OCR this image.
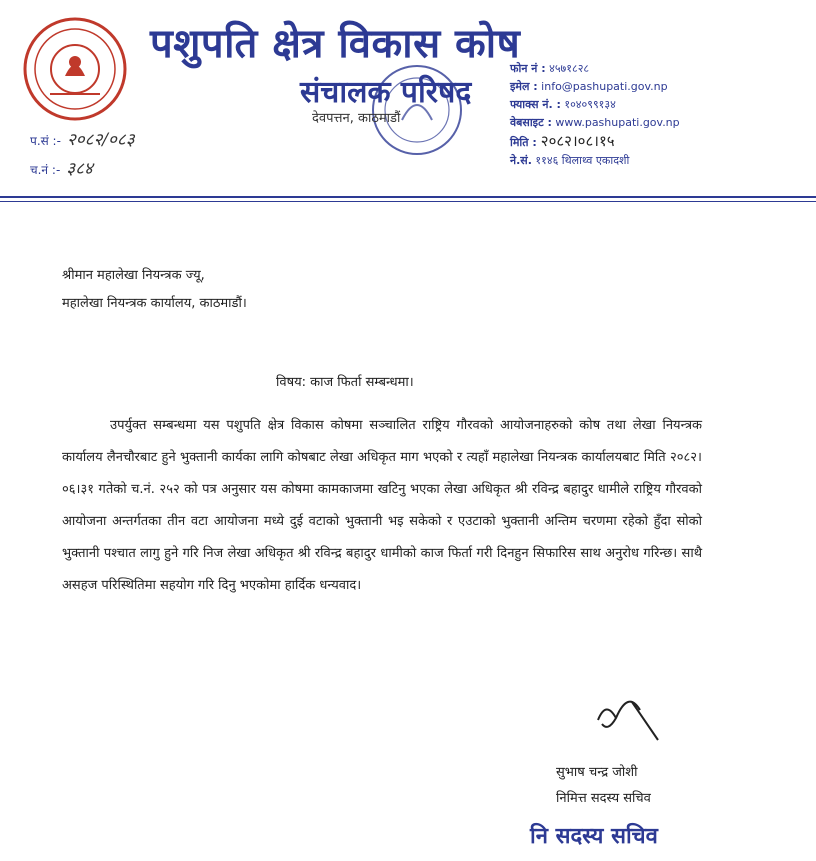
पशुपति क्षेत्र विकास कोष
संचालक परिषद
देवपत्तन, काठमाडौं
फोन नं : ४५७१८२८
इमेल : info@pashupati.gov.np
फ्याक्स नं. : १०४०९९१३४
वेबसाइट : www.pashupati.gov.np
मिति : २०८२।०८।१५
ने.सं. ११४६ थिलाथ्व एकादशी
प.सं :- २०८२/०८३
च.नं :- ३८४
श्रीमान महालेखा नियन्त्रक ज्यू,
महालेखा नियन्त्रक कार्यालय, काठमाडौं।
विषय: काज फिर्ता सम्बन्धमा।
उपर्युक्त सम्बन्धमा यस पशुपति क्षेत्र विकास कोषमा सञ्चालित राष्ट्रिय गौरवको आयोजनाहरुको कोष तथा लेखा नियन्त्रक कार्यालय लैनचौरबाट हुने भुक्तानी कार्यका लागि कोषबाट लेखा अधिकृत माग भएको र त्यहाँ महालेखा नियन्त्रक कार्यालयबाट मिति २०८२।०६।३१ गतेको च.नं. २५२ को पत्र अनुसार यस कोषमा कामकाजमा खटिनु भएका लेखा अधिकृत श्री रविन्द्र बहादुर धामीले राष्ट्रिय गौरवको आयोजना अन्तर्गतका तीन वटा आयोजना मध्ये दुई वटाको भुक्तानी भइ सकेको र एउटाको भुक्तानी अन्तिम चरणमा रहेको हुँदा सोको भुक्तानी पश्चात लागु हुने गरि निज लेखा अधिकृत श्री रविन्द्र बहादुर धामीको काज फिर्ता गरी दिनहुन सिफारिस साथ अनुरोध गरिन्छ। साथै असहज परिस्थितिमा सहयोग गरि दिनु भएकोमा हार्दिक धन्यवाद।
सुभाष चन्द्र जोशी
निमित्त सदस्य सचिव
नि सदस्य सचिव
